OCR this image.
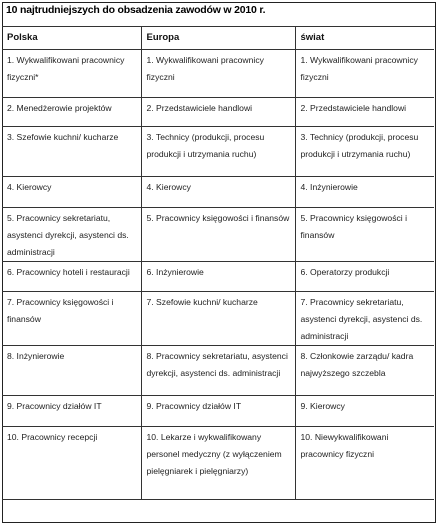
10 najtrudniejszych do obsadzenia zawodów w 2010 r.
Polska	Europa	świat
1. Wykwalifikowani pracownicy fizyczni*	1. Wykwalifikowani pracownicy fizyczni	1. Wykwalifikowani pracownicy fizyczni
2. Menedżerowie projektów	2. Przedstawiciele handlowi	2. Przedstawiciele handlowi
3. Szefowie kuchni/ kucharze	3. Technicy (produkcji, procesu produkcji i utrzymania ruchu)	3. Technicy (produkcji, procesu produkcji i utrzymania ruchu)
4. Kierowcy	4. Kierowcy	4. Inżynierowie
5. Pracownicy sekretariatu, asystenci dyrekcji, asystenci ds. administracji	5. Pracownicy księgowości i finansów	5. Pracownicy księgowości i finansów
6. Pracownicy hoteli i restauracji	6. Inżynierowie	6. Operatorzy produkcji
7. Pracownicy księgowości i finansów	7. Szefowie kuchni/ kucharze	7. Pracownicy sekretariatu, asystenci dyrekcji, asystenci ds. administracji
8. Inżynierowie	8. Pracownicy sekretariatu, asystenci dyrekcji, asystenci ds. administracji	8. Członkowie zarządu/ kadra najwyższego szczebla
9. Pracownicy działów IT	9. Pracownicy działów IT	9. Kierowcy
10. Pracownicy recepcji	10. Lekarze i wykwalifikowany personel medyczny (z wyłączeniem pielęgniarek i pielęgniarzy)	10. Niewykwalifikowani pracownicy fizyczni
